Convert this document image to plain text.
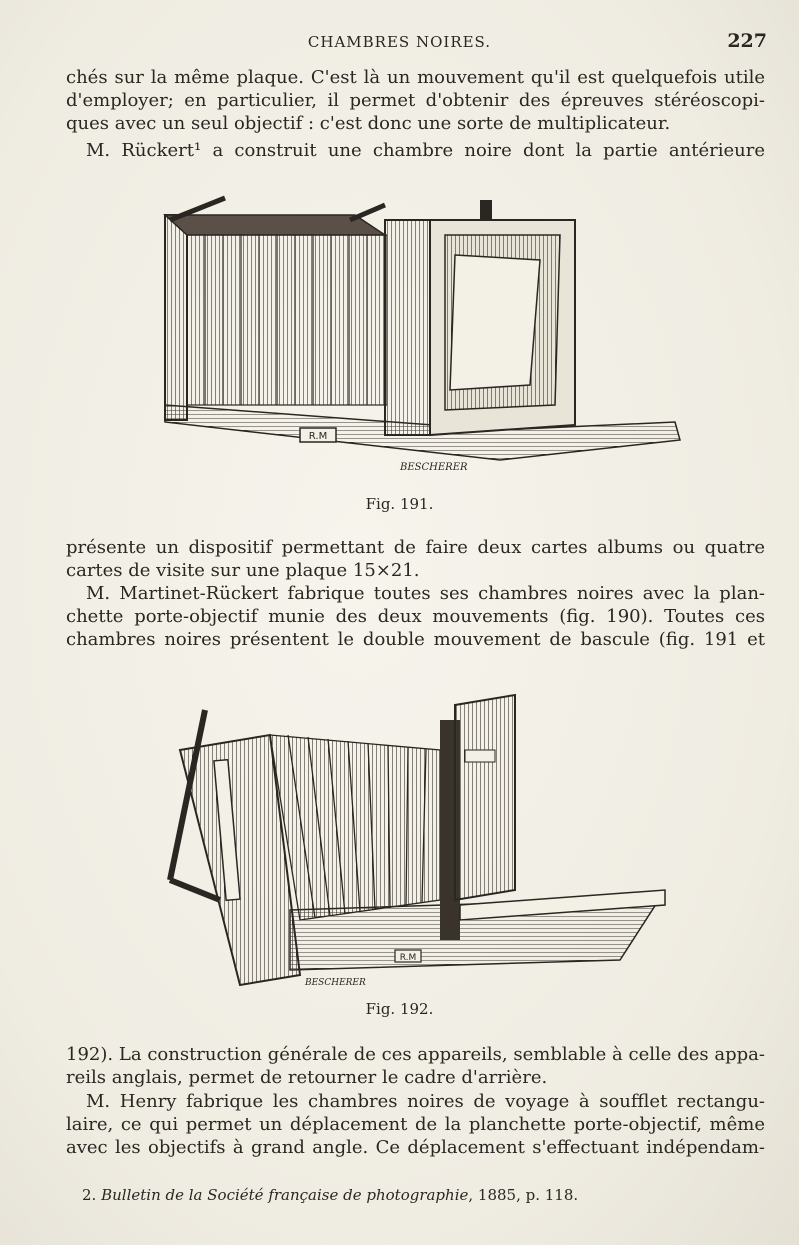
CHAMBRES NOIRES.	227

chés sur la même plaque. C'est là un mouvement qu'il est quelquefois utile
d'employer; en particulier, il permet d'obtenir des épreuves stéréoscopi-
ques avec un seul objectif : c'est donc une sorte de multiplicateur.

M. Rückert¹ a construit une chambre noire dont la partie antérieure

R.M
BESCHERER
Fig. 191.

présente un dispositif permettant de faire deux cartes albums ou quatre
cartes de visite sur une plaque 15×21.

M. Martinet-Rückert fabrique toutes ses chambres noires avec la plan-
chette porte-objectif munie des deux mouvements (fig. 190). Toutes ces
chambres noires présentent le double mouvement de bascule (fig. 191 et

R.M
BESCHERER
Fig. 192.

192). La construction générale de ces appareils, semblable à celle des appa-
reils anglais, permet de retourner le cadre d'arrière.

M. Henry fabrique les chambres noires de voyage à soufflet rectangu-
laire, ce qui permet un déplacement de la planchette porte-objectif, même
avec les objectifs à grand angle. Ce déplacement s'effectuant indépendam-

2. Bulletin de la Société française de photographie, 1885, p. 118.
